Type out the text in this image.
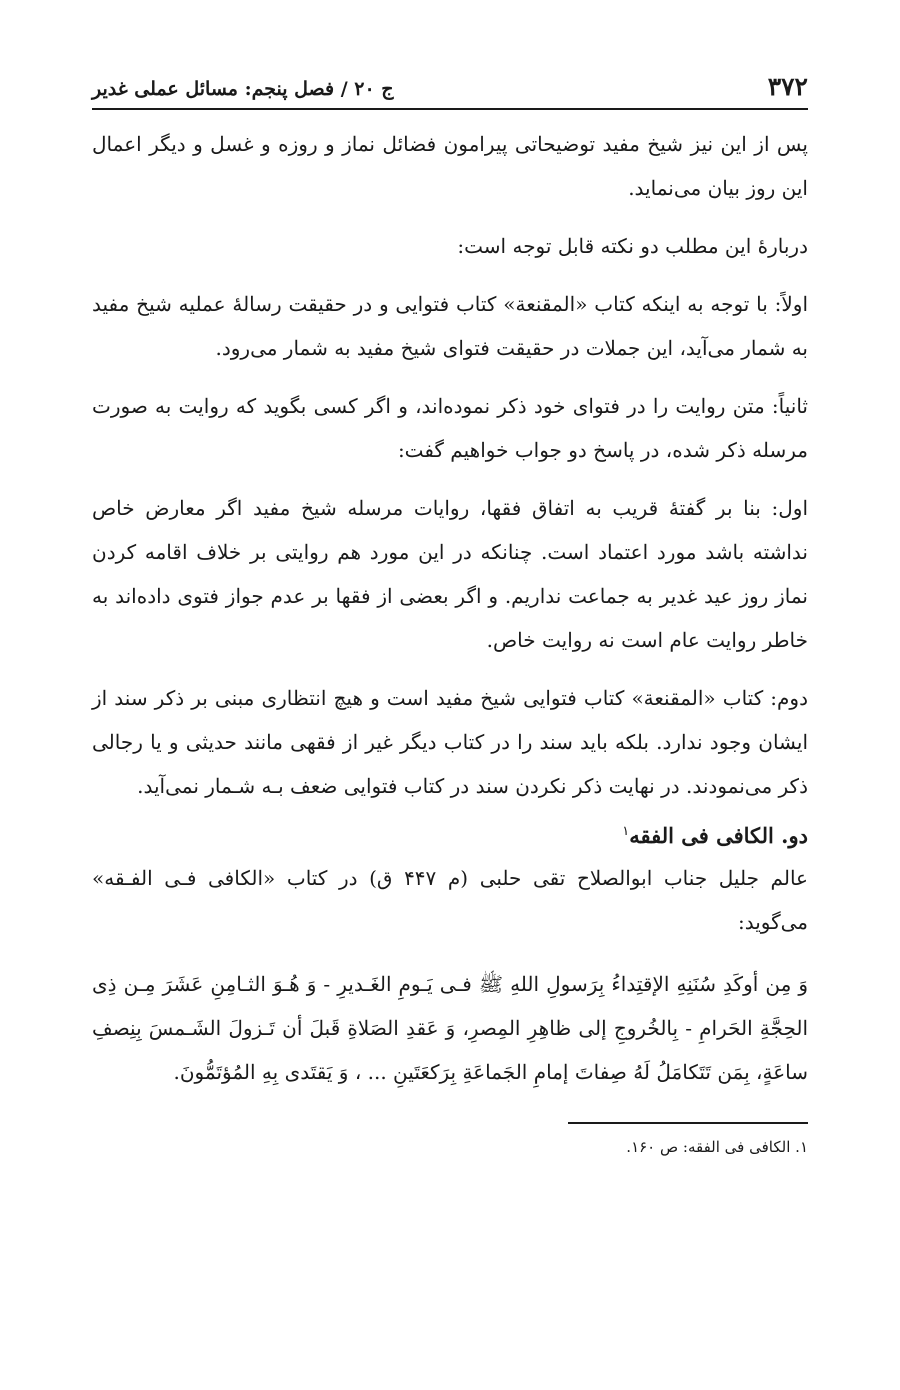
۳۷۲
ج ۲۰ / فصل پنجم: مسائل عملی غدیر

پس از این نیز شیخ مفید توضیحاتی پیرامون فضائل نماز و روزه و غسل و دیگر اعمال این روز بیان می‌نماید.

دربارهٔ این مطلب دو نکته قابل توجه است:

اولاً: با توجه به اینکه کتاب «المقنعة» کتاب فتوایی و در حقیقت رسالهٔ عملیه شیخ مفید به شمار می‌آید، این جملات در حقیقت فتوای شیخ مفید به شمار می‌رود.

ثانیاً: متن روایت را در فتوای خود ذکر نموده‌اند، و اگر کسی بگوید که روایت به صورت مرسله ذکر شده، در پاسخ دو جواب خواهیم گفت:

اول: بنا بر گفتهٔ قریب به اتفاق فقها، روایات مرسله شیخ مفید اگر معارض خاص نداشته باشد مورد اعتماد است. چنانکه در این مورد هم روایتی بر خلاف اقامه کردن نماز روز عید غدیر به جماعت نداریم. و اگر بعضی از فقها بر عدم جواز فتوی داده‌اند به خاطر روایت عام است نه روایت خاص.

دوم: کتاب «المقنعة» کتاب فتوایی شیخ مفید است و هیچ انتظاری مبنی بر ذکر سند از ایشان وجود ندارد. بلکه باید سند را در کتاب دیگر غیر از فقهی مانند حدیثی و یا رجالی ذکر می‌نمودند. در نهایت ذکر نکردن سند در کتاب فتوایی ضعف بـه شـمار نمی‌آید.

دو. الکافی فی الفقه$^۱$

عالم جلیل جناب ابوالصلاح تقی حلبی (م ۴۴۷ ق) در کتاب «الکافی فـی الفـقه» می‌گوید:

وَ مِن أوکَدِ سُنَنِهِ الإقتِداءُ بِرَسولِ اللهِ ﷺ فـی یَـومِ الغَـدیرِ - وَ هُـوَ الثـامِنِ عَشَرَ مِـن ذِی الحِجَّةِ الحَرامِ - بِالخُروجِ إلی ظاهِرِ المِصرِ، وَ عَقدِ الصَلاةِ قَبلَ أن تَـزولَ الشَـمسَ بِنِصفِ ساعَةٍ، بِمَن تَتَکامَلُ لَهُ صِفاتَ إمامِ الجَماعَةِ بِرَکعَتَینِ ... ، وَ یَقتَدی بِهِ المُؤتَمُّونَ.

۱. الکافی فی الفقه: ص ۱۶۰.
